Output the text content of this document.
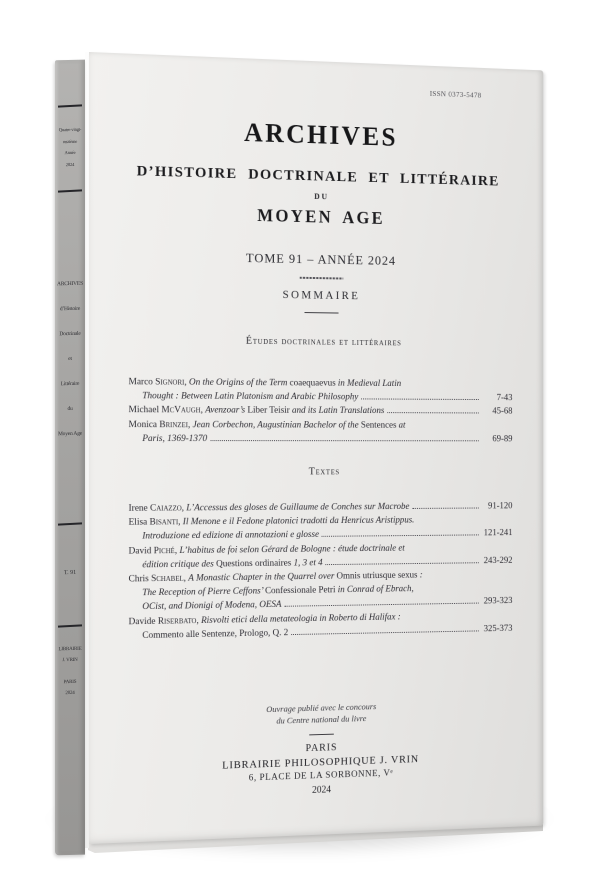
Quatre-vingt-
onzième
Année
2024
ARCHIVES
d’Histoire
Doctrinale
et
Littéraire
du
Moyen Age
T. 91
LIBRAIRIE
J. VRIN
PARIS
2024
ISSN 0373-5478
ARCHIVES
D’HISTOIRE DOCTRINALE ET LITTÉRAIRE
DU
MOYEN AGE
TOME 91 – ANNÉE 2024
SOMMAIRE
Études doctrinales et littéraires
Marco Signori, On the Origins of the Term coaequaevus in Medieval Latin
Thought : Between Latin Platonism and Arabic Philosophy	7-43
Michael McVaugh, Avenzoar’s Liber Teisir and its Latin Translations	45-68
Monica Brinzei, Jean Corbechon, Augustinian Bachelor of the Sentences at
Paris, 1369-1370	69-89
Textes
Irene Caiazzo, L’Accessus des gloses de Guillaume de Conches sur Macrobe	91-120
Elisa Bisanti, Il Menone e il Fedone platonici tradotti da Henricus Aristippus.
Introduzione ed edizione di annotazioni e glosse	121-241
David Piché, L’habitus de foi selon Gérard de Bologne : étude doctrinale et
édition critique des Questions ordinaires 1, 3 et 4	243-292
Chris Schabel, A Monastic Chapter in the Quarrel over Omnis utriusque sexus :
The Reception of Pierre Ceffons’ Confessionale Petri in Conrad of Ebrach,
OCist, and Dionigi of Modena, OESA	293-323
Davide Riserbato, Risvolti etici della metateologia in Roberto di Halifax :
Commento alle Sentenze, Prologo, Q. 2	325-373
Ouvrage publié avec le concours
du Centre national du livre
PARIS
LIBRAIRIE PHILOSOPHIQUE J. VRIN
6, PLACE DE LA SORBONNE, Vᵉ
2024
